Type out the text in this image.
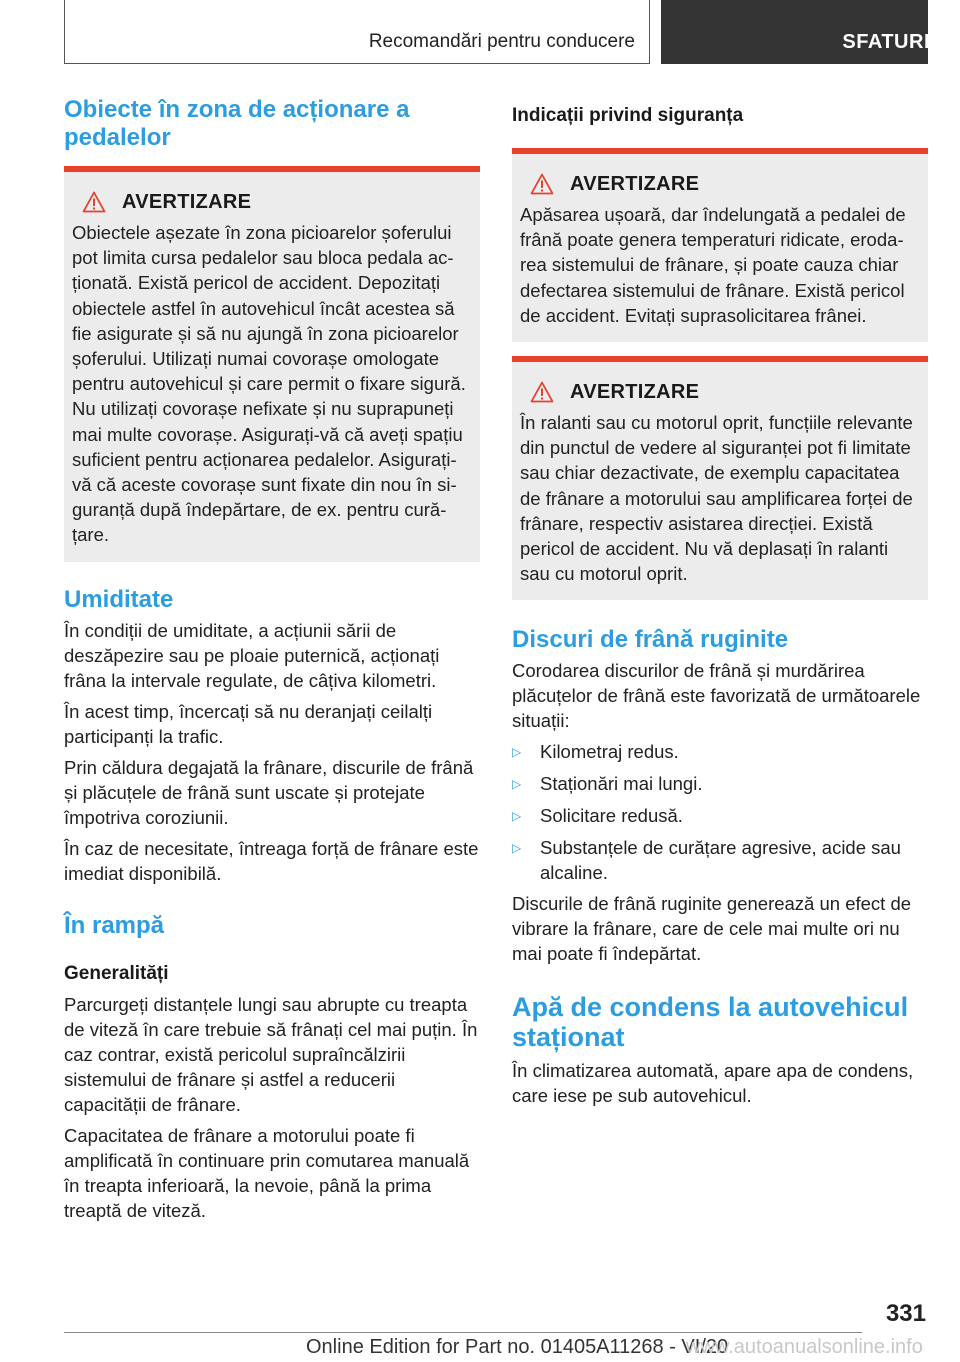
Recomandări pentru conducere	SFATURI
Obiecte în zona de acționare a pedalelor
AVERTIZARE

Obiectele așezate în zona picioarelor șoferului pot limita cursa pedalelor sau bloca pedala acționată. Există pericol de accident. Depozitați obiectele astfel în autovehicul încât acestea să fie asigurate și să nu ajungă în zona picioarelor șoferului. Utilizați numai covorașe omologate pentru autovehicul și care permit o fixare sigură. Nu utilizați covorașe nefixate și nu suprapuneți mai multe covorașe. Asigurați-vă că aveți spațiu suficient pentru acționarea pedalelor. Asigurați-vă că aceste covorașe sunt fixate din nou în siguranță după îndepărtare, de ex. pentru curățare.

Umiditate

În condiții de umiditate, a acțiunii sării de deszăpezire sau pe ploaie puternică, acționați frâna la intervale regulate, de câțiva kilometri.

În acest timp, încercați să nu deranjați ceilalți participanți la trafic.

Prin căldura degajată la frânare, discurile de frână și plăcuțele de frână sunt uscate și protejate împotriva coroziunii.

În caz de necesitate, întreaga forță de frânare este imediat disponibilă.

În rampă
Generalități

Parcurgeți distanțele lungi sau abrupte cu treapta de viteză în care trebuie să frânați cel mai puțin. În caz contrar, există pericolul supraîncălzirii sistemului de frânare și astfel a reducerii capacității de frânare.

Capacitatea de frânare a motorului poate fi amplificată în continuare prin comutarea manuală în treapta inferioară, la nevoie, până la prima treaptă de viteză.

Indicații privind siguranța
AVERTIZARE

Apăsarea ușoară, dar îndelungată a pedalei de frână poate genera temperaturi ridicate, erodarea sistemului de frânare, și poate cauza chiar defectarea sistemului de frânare. Există pericol de accident. Evitați suprasolicitarea frânei.

AVERTIZARE

În ralanti sau cu motorul oprit, funcțiile relevante din punctul de vedere al siguranței pot fi limitate sau chiar dezactivate, de exemplu capacitatea de frânare a motorului sau amplificarea forței de frânare, respectiv asistarea direcției. Există pericol de accident. Nu vă deplasați în ralanti sau cu motorul oprit.

Discuri de frână ruginite

Corodarea discurilor de frână și murdărirea plăcuțelor de frână este favorizată de următoarele situații:

▷	Kilometraj redus.
▷	Staționări mai lungi.
▷	Solicitare redusă.
▷	Substanțele de curățare agresive, acide sau alcaline.

Discurile de frână ruginite generează un efect de vibrare la frânare, care de cele mai multe ori nu mai poate fi îndepărtat.

Apă de condens la autovehicul staționat

În climatizarea automată, apare apa de condens, care iese pe sub autovehicul.

331
Online Edition for Part no. 01405A11268 - VI/20
www.autoanualsonline.info
